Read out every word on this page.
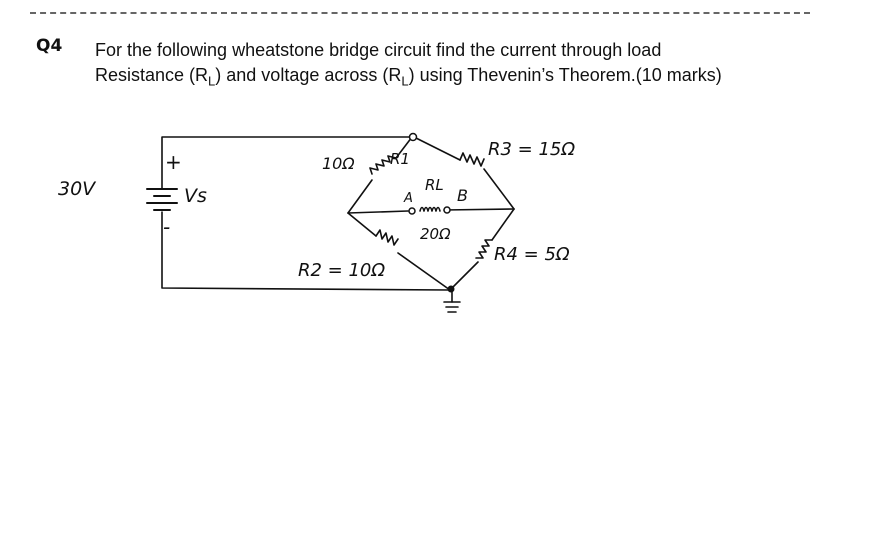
Q4 For the following wheatstone bridge circuit find the current through load
Resistance $(R_L)$ and voltage across $(R_L)$ using Thevenin’s Theorem.(10 marks)
30V
+
-
Vs
10Ω R1	R3 = 15Ω
RL
A	B
20Ω
R2 = 10Ω
R4 = 5Ω
